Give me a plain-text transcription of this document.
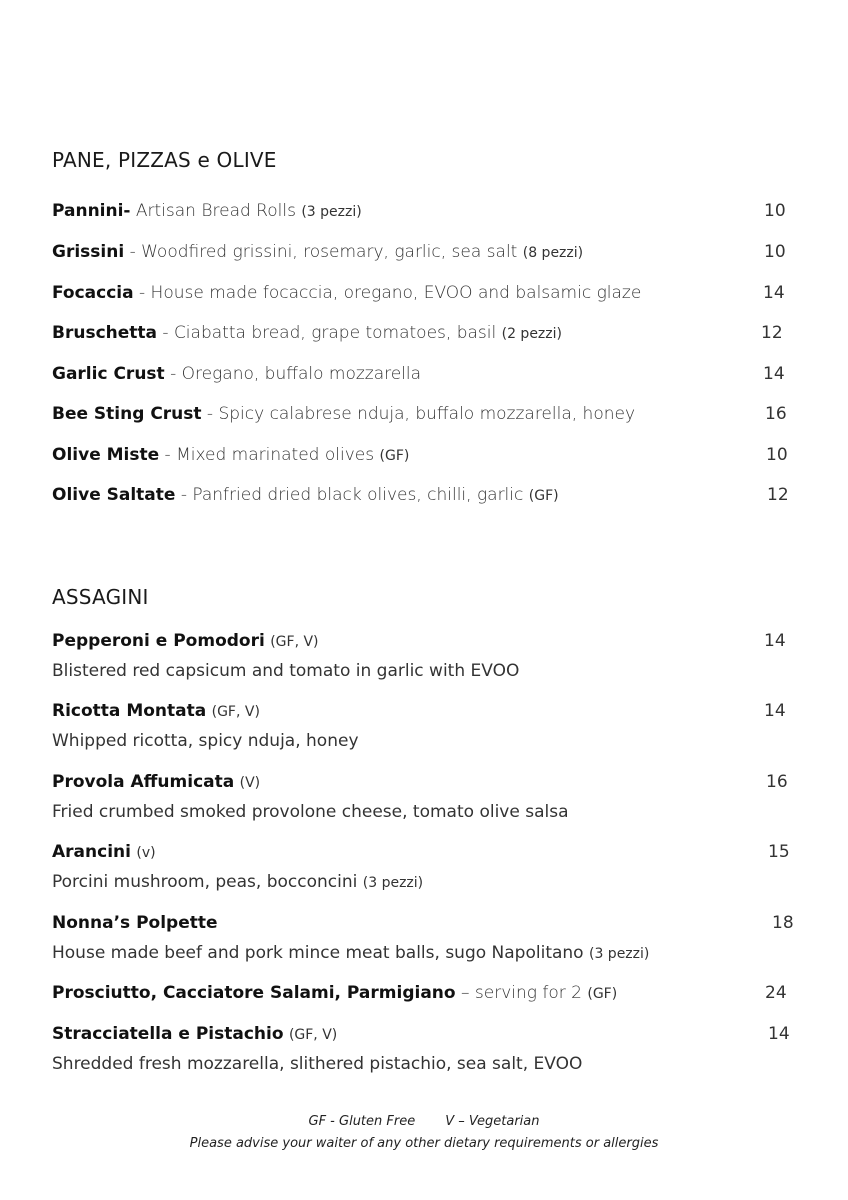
PANE, PIZZAS e OLIVE
Pannini- Artisan Bread Rolls (3 pezzi)	10
Grissini - Woodfired grissini, rosemary, garlic, sea salt (8 pezzi)	10
Focaccia - House made focaccia, oregano, EVOO and balsamic glaze	14
Bruschetta - Ciabatta bread, grape tomatoes, basil (2 pezzi)	12
Garlic Crust - Oregano, buffalo mozzarella	14
Bee Sting Crust - Spicy calabrese nduja, buffalo mozzarella, honey	16
Olive Miste - Mixed marinated olives (GF)	10
Olive Saltate - Panfried dried black olives, chilli, garlic (GF)	12
ASSAGINI
Pepperoni e Pomodori (GF, V)	14
Blistered red capsicum and tomato in garlic with EVOO
Ricotta Montata (GF, V)	14
Whipped ricotta, spicy nduja, honey
Provola Affumicata (V)	16
Fried crumbed smoked provolone cheese, tomato olive salsa
Arancini (v)	15
Porcini mushroom, peas, bocconcini (3 pezzi)
Nonna’s Polpette	18
House made beef and pork mince meat balls, sugo Napolitano (3 pezzi)
Prosciutto, Cacciatore Salami, Parmigiano – serving for 2 (GF)	24
Stracciatella e Pistachio (GF, V)	14
Shredded fresh mozzarella, slithered pistachio, sea salt, EVOO
GF - Gluten Free V – Vegetarian
Please advise your waiter of any other dietary requirements or allergies
